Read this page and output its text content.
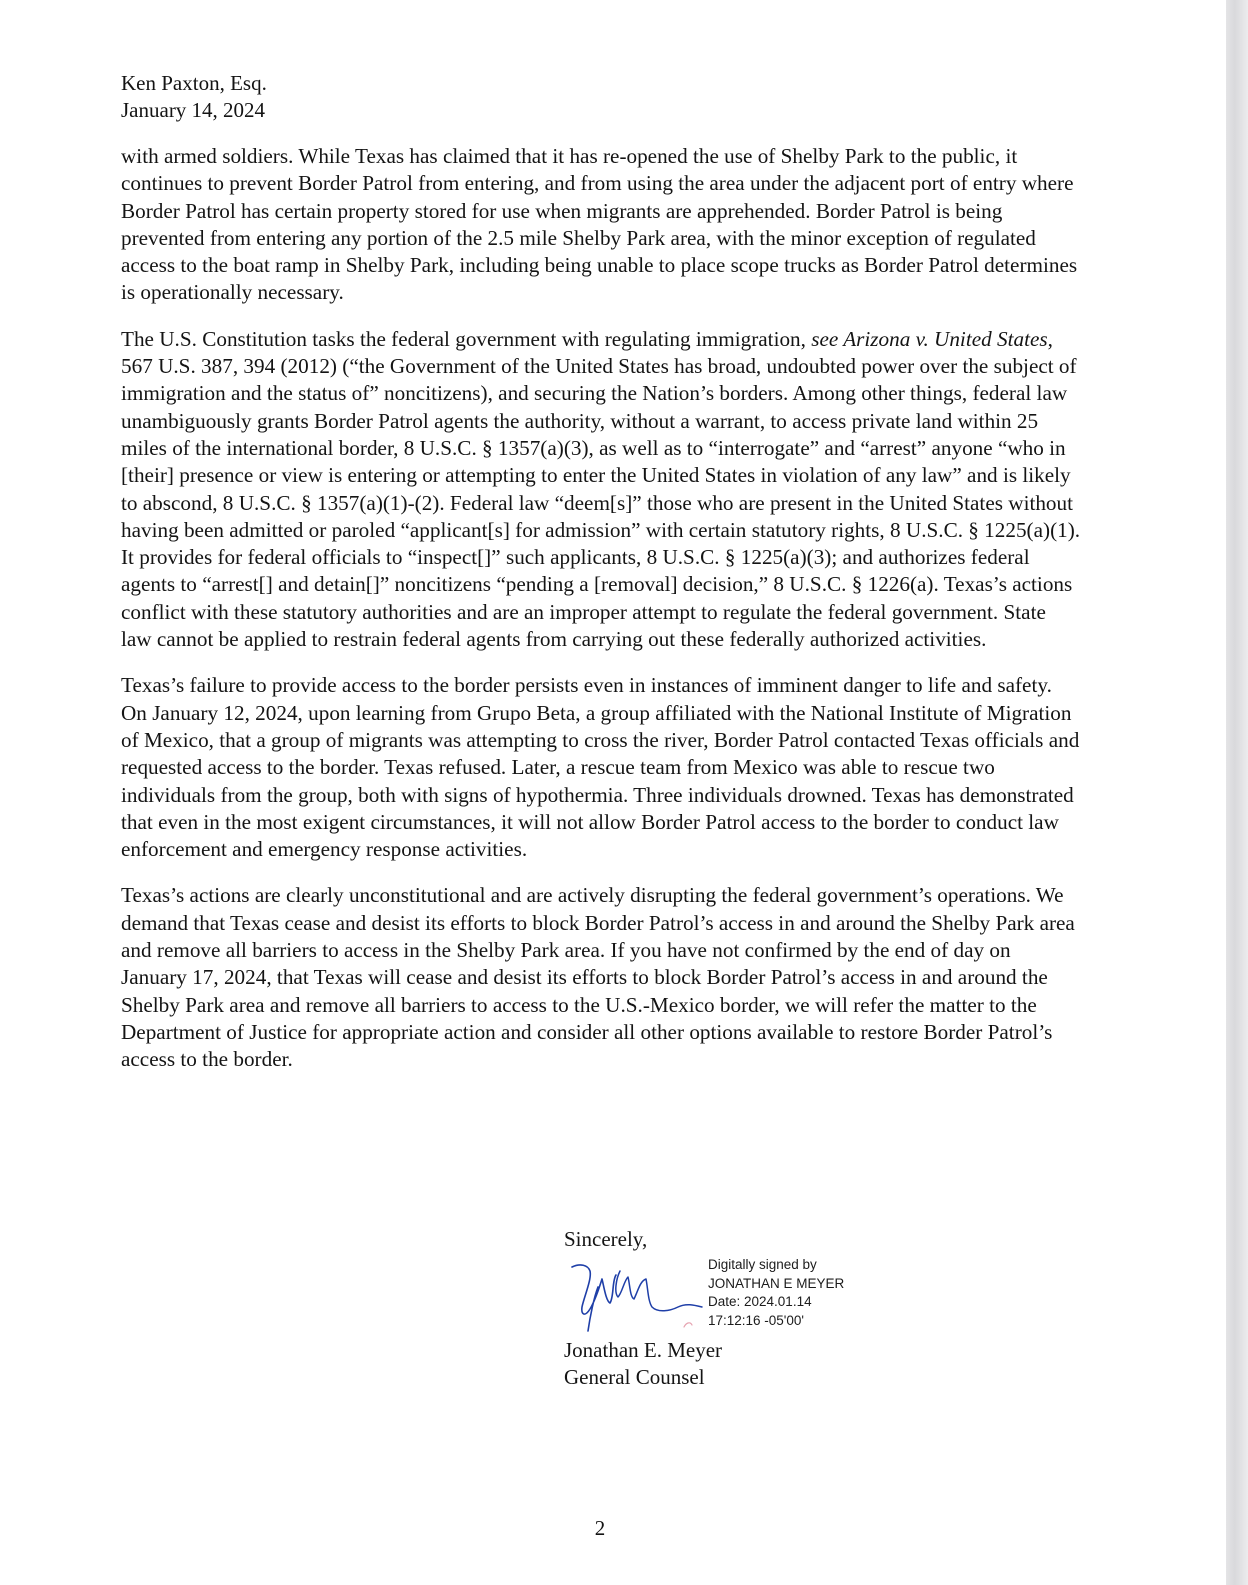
Ken Paxton, Esq.
January 14, 2024

with armed soldiers. While Texas has claimed that it has re-opened the use of Shelby Park to the public, it continues to prevent Border Patrol from entering, and from using the area under the adjacent port of entry where Border Patrol has certain property stored for use when migrants are apprehended. Border Patrol is being prevented from entering any portion of the 2.5 mile Shelby Park area, with the minor exception of regulated access to the boat ramp in Shelby Park, including being unable to place scope trucks as Border Patrol determines is operationally necessary.

The U.S. Constitution tasks the federal government with regulating immigration, see Arizona v. United States, 567 U.S. 387, 394 (2012) (“the Government of the United States has broad, undoubted power over the subject of immigration and the status of” noncitizens), and securing the Nation’s borders. Among other things, federal law unambiguously grants Border Patrol agents the authority, without a warrant, to access private land within 25 miles of the international border, 8 U.S.C. § 1357(a)(3), as well as to “interrogate” and “arrest” anyone “who in [their] presence or view is entering or attempting to enter the United States in violation of any law” and is likely to abscond, 8 U.S.C. § 1357(a)(1)-(2). Federal law “deem[s]” those who are present in the United States without having been admitted or paroled “applicant[s] for admission” with certain statutory rights, 8 U.S.C. § 1225(a)(1). It provides for federal officials to “inspect[]” such applicants, 8 U.S.C. § 1225(a)(3); and authorizes federal agents to “arrest[] and detain[]” noncitizens “pending a [removal] decision,” 8 U.S.C. § 1226(a). Texas’s actions conflict with these statutory authorities and are an improper attempt to regulate the federal government. State law cannot be applied to restrain federal agents from carrying out these federally authorized activities.

Texas’s failure to provide access to the border persists even in instances of imminent danger to life and safety. On January 12, 2024, upon learning from Grupo Beta, a group affiliated with the National Institute of Migration of Mexico, that a group of migrants was attempting to cross the river, Border Patrol contacted Texas officials and requested access to the border. Texas refused. Later, a rescue team from Mexico was able to rescue two individuals from the group, both with signs of hypothermia. Three individuals drowned. Texas has demonstrated that even in the most exigent circumstances, it will not allow Border Patrol access to the border to conduct law enforcement and emergency response activities.

Texas’s actions are clearly unconstitutional and are actively disrupting the federal government’s operations. We demand that Texas cease and desist its efforts to block Border Patrol’s access in and around the Shelby Park area and remove all barriers to access in the Shelby Park area. If you have not confirmed by the end of day on January 17, 2024, that Texas will cease and desist its efforts to block Border Patrol’s access in and around the Shelby Park area and remove all barriers to access to the U.S.-Mexico border, we will refer the matter to the Department of Justice for appropriate action and consider all other options available to restore Border Patrol’s access to the border.

Sincerely,
Digitally signed by
JONATHAN E MEYER
Date: 2024.01.14
17:12:16 -05'00'
Jonathan E. Meyer
General Counsel
2
